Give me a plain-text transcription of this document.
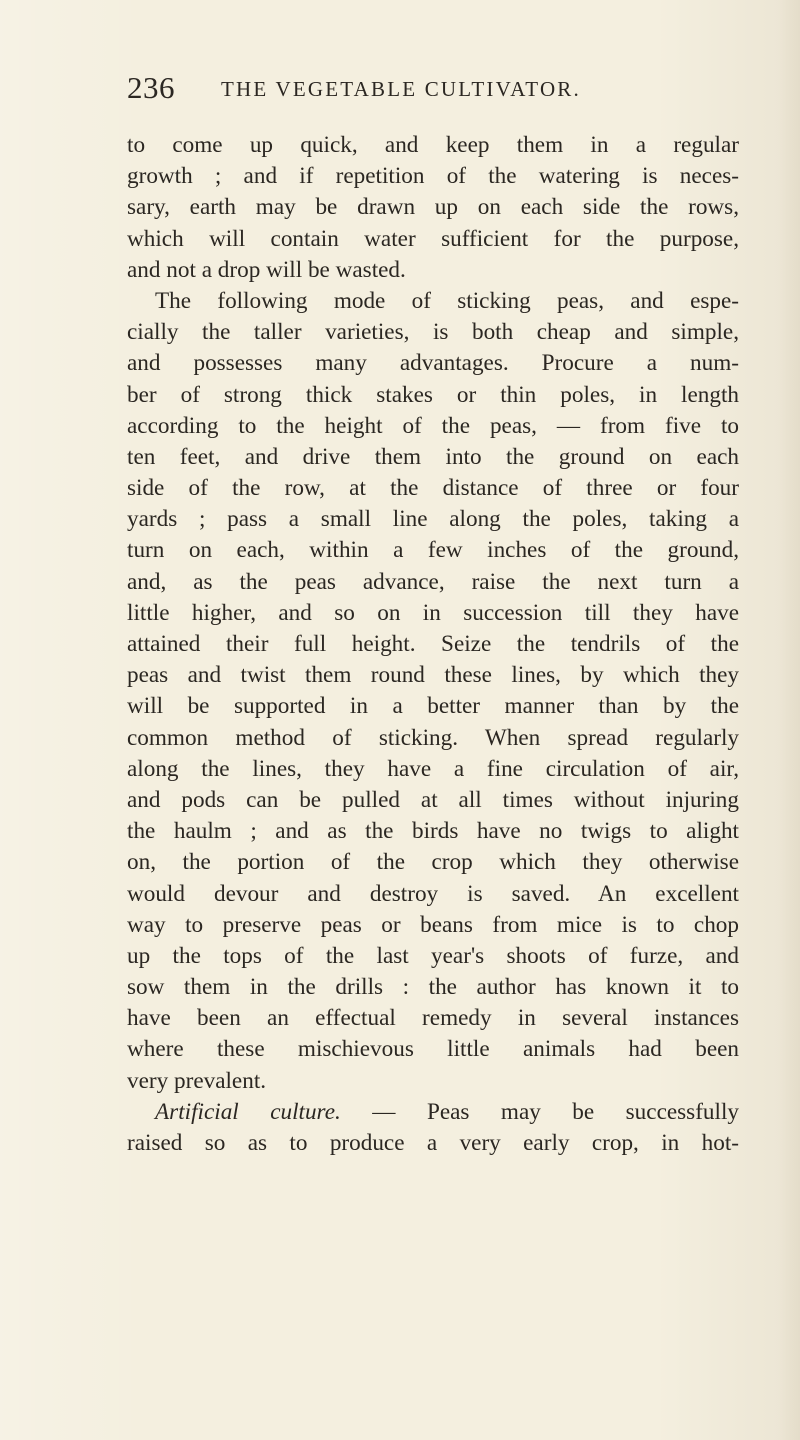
236 THE VEGETABLE CULTIVATOR.
to come up quick, and keep them in a regular
growth ; and if repetition of the watering is neces-
sary, earth may be drawn up on each side the rows,
which will contain water sufficient for the purpose,
and not a drop will be wasted.
The following mode of sticking peas, and espe-
cially the taller varieties, is both cheap and simple,
and possesses many advantages. Procure a num-
ber of strong thick stakes or thin poles, in length
according to the height of the peas, — from five to
ten feet, and drive them into the ground on each
side of the row, at the distance of three or four
yards ; pass a small line along the poles, taking a
turn on each, within a few inches of the ground,
and, as the peas advance, raise the next turn a
little higher, and so on in succession till they have
attained their full height. Seize the tendrils of the
peas and twist them round these lines, by which they
will be supported in a better manner than by the
common method of sticking. When spread regularly
along the lines, they have a fine circulation of air,
and pods can be pulled at all times without injuring
the haulm ; and as the birds have no twigs to alight
on, the portion of the crop which they otherwise
would devour and destroy is saved. An excellent
way to preserve peas or beans from mice is to chop
up the tops of the last year's shoots of furze, and
sow them in the drills : the author has known it to
have been an effectual remedy in several instances
where these mischievous little animals had been
very prevalent.
Artificial culture. — Peas may be successfully
raised so as to produce a very early crop, in hot-
